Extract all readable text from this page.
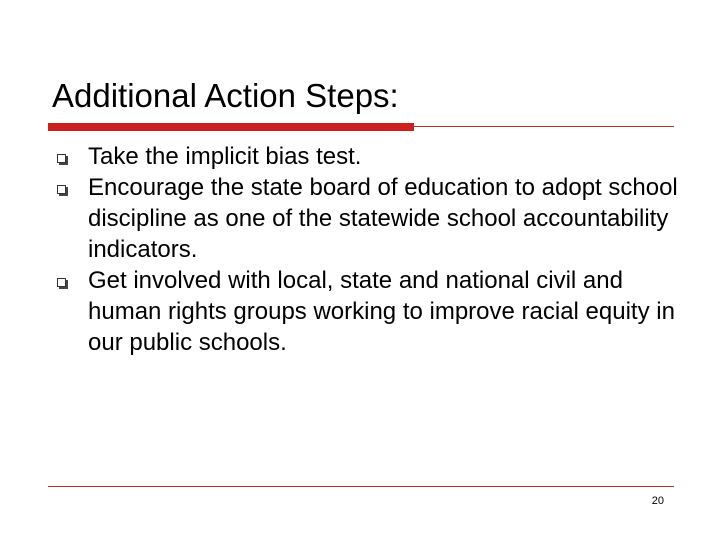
Additional Action Steps:
Take the implicit bias test.
Encourage the state board of education to adopt school discipline as one of the statewide school accountability indicators.
Get involved with local, state and national civil and human rights groups working to improve racial equity in our public schools.
20
